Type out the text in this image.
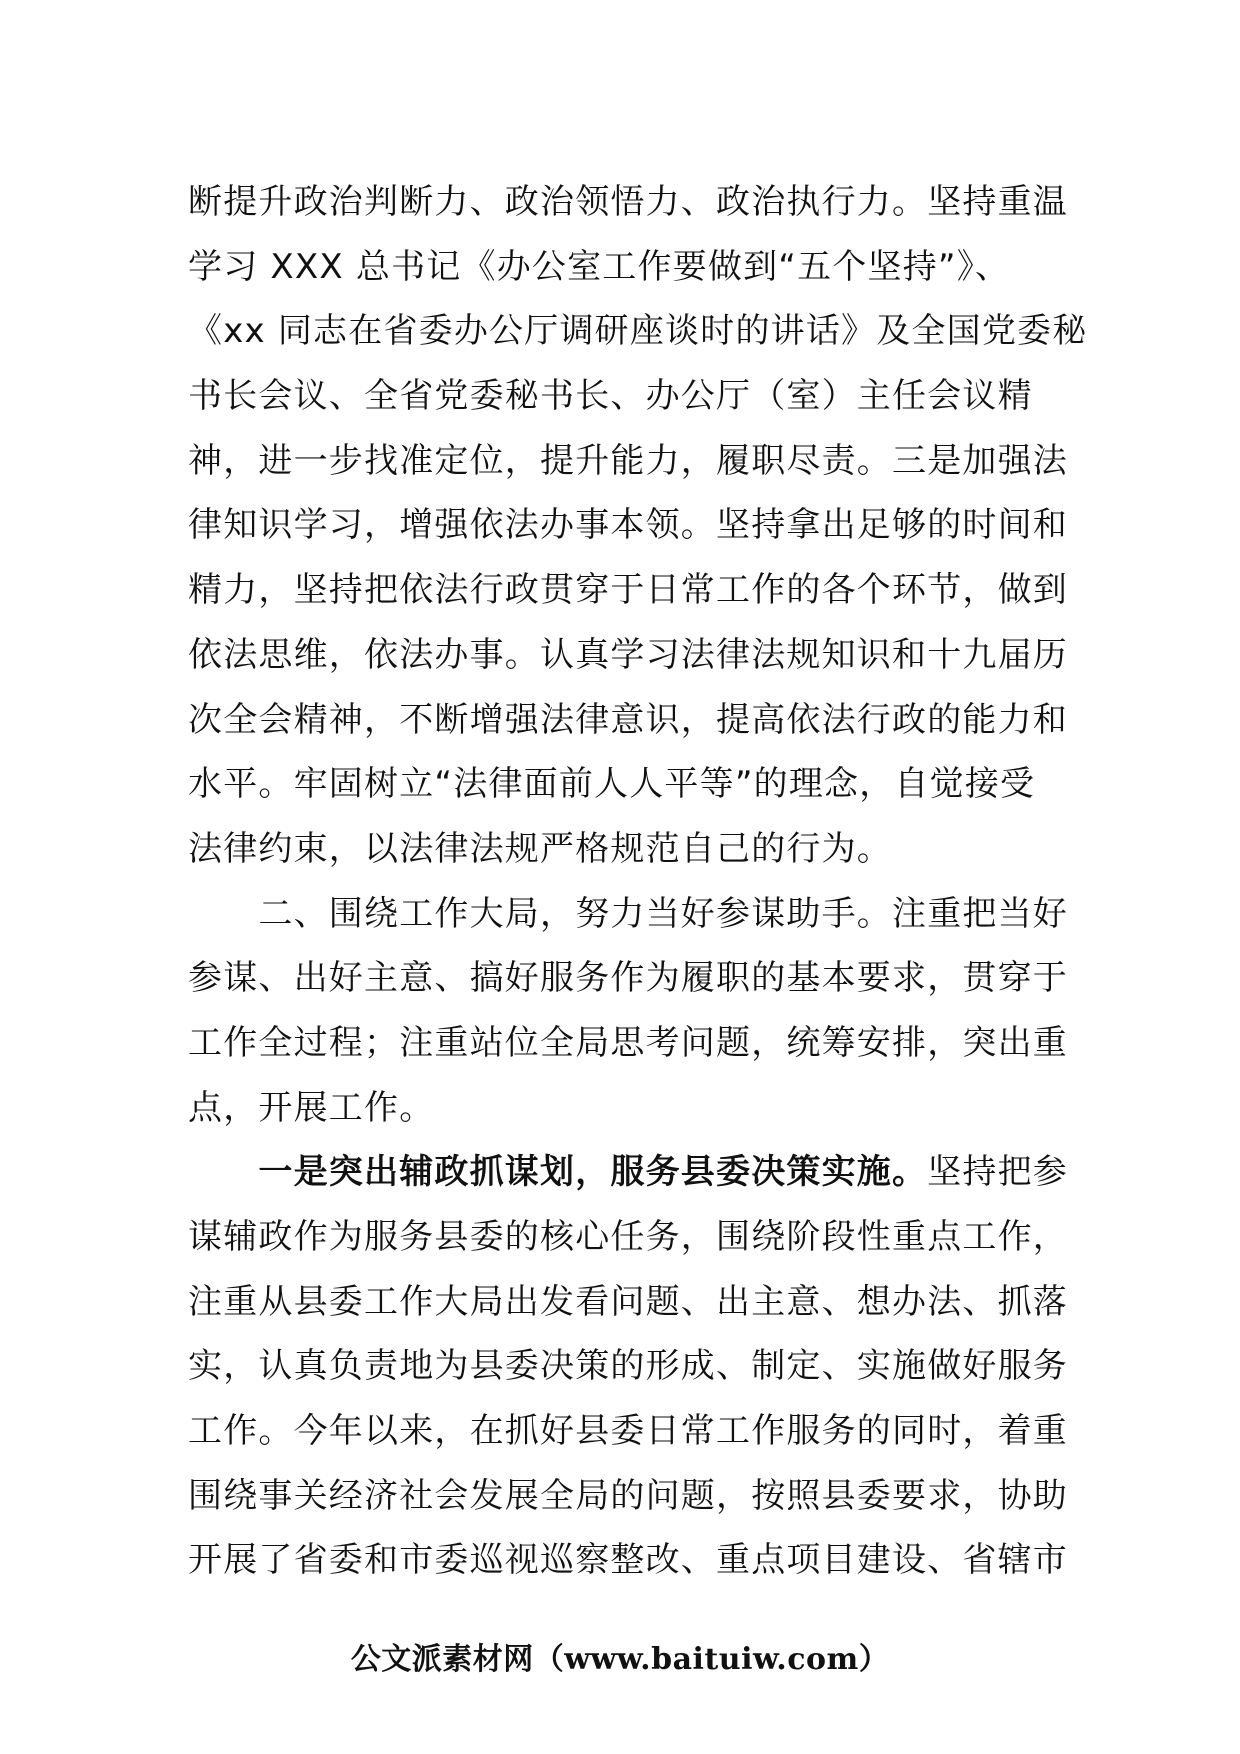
断提升政治判断力、政治领悟力、政治执行力。坚持重温
学习 XXX 总书记《办公室工作要做到“五个坚持”》、
《xx 同志在省委办公厅调研座谈时的讲话》及全国党委秘
书长会议、全省党委秘书长、办公厅（室）主任会议精
神，进一步找准定位，提升能力，履职尽责。三是加强法
律知识学习，增强依法办事本领。坚持拿出足够的时间和
精力，坚持把依法行政贯穿于日常工作的各个环节，做到
依法思维，依法办事。认真学习法律法规知识和十九届历
次全会精神，不断增强法律意识，提高依法行政的能力和
水平。牢固树立“法律面前人人平等”的理念，自觉接受
法律约束，以法律法规严格规范自己的行为。
　　二、围绕工作大局，努力当好参谋助手。注重把当好
参谋、出好主意、搞好服务作为履职的基本要求，贯穿于
工作全过程；注重站位全局思考问题，统筹安排，突出重
点，开展工作。
　　一是突出辅政抓谋划，服务县委决策实施。坚持把参
谋辅政作为服务县委的核心任务，围绕阶段性重点工作，
注重从县委工作大局出发看问题、出主意、想办法、抓落
实，认真负责地为县委决策的形成、制定、实施做好服务
工作。今年以来，在抓好县委日常工作服务的同时，着重
围绕事关经济社会发展全局的问题，按照县委要求，协助
开展了省委和市委巡视巡察整改、重点项目建设、省辖市
公文派素材网（www.baituiw.com）
